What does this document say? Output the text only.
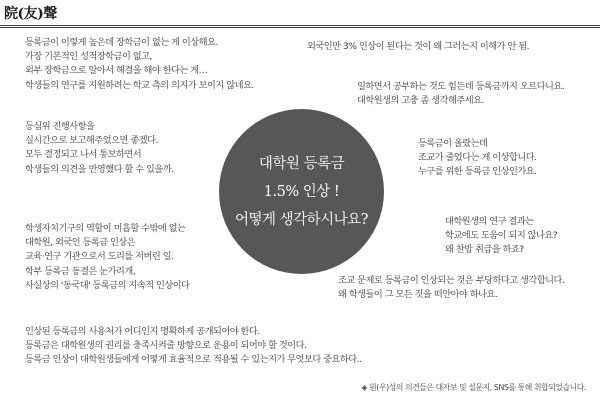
院(友)聲
대학원 등록금
1.5% 인상 !
어떻게 생각하시나요?
등록금이 이렇게 높은데 장학금이 없는 게 이상해요.
가장 기본적인 성적장학금이 없고,
외부 장학금으로 알아서 해결을 해야 한다는 게…
학생들의 연구를 지원하려는 학교 측의 의지가 보이지 않네요.
외국인만 3% 인상이 된다는 것이 왜 그러는지 이해가 안 됨.
일하면서 공부하는 것도 힘든데 등록금까지 오르다니요.
대학원생의 고충 좀 생각해주세요.
등심위 진행사항을
실시간으로 보고해주었으면 좋겠다.
모두 결정되고 나서 통보하면서
학생들의 의견을 반영했다 할 수 있을까.
등록금이 올랐는데
조교가 줄었다는 게 이상합니다.
누구를 위한 등록금 인상인가요.
대학원생의 연구 결과는
학교에도 도움이 되지 않나요?
왜 찬밥 취급을 하죠?
학생자치기구의 역할이 미흡할 수밖에 없는
대학원, 외국인 등록금 인상은
교육·연구 기관으로서 도리를 저버린 일.
학부 등록금 동결은 눈가리개,
사실상의 '동국대' 등록금의 지속적 인상이다	조교 문제로 등록금이 인상되는 것은 부당하다고 생각합니다.
왜 학생들이 그 모든 것을 떠안아야 하나요.
인상된 등록금의 사용처가 어디인지 명확하게 공개되어야 한다.
등록금은 대학원생의 권리를 충족시켜줄 방향으로 운용이 되어야 할 것이다.
등록금 인상이 대학원생들에게 어떻게 효율적으로 적용될 수 있는지가 무엇보다 중요하다..
◈ 원(우)성의 의견들은 대자보 및 설문지, SNS를 통해 취합되었습니다.
